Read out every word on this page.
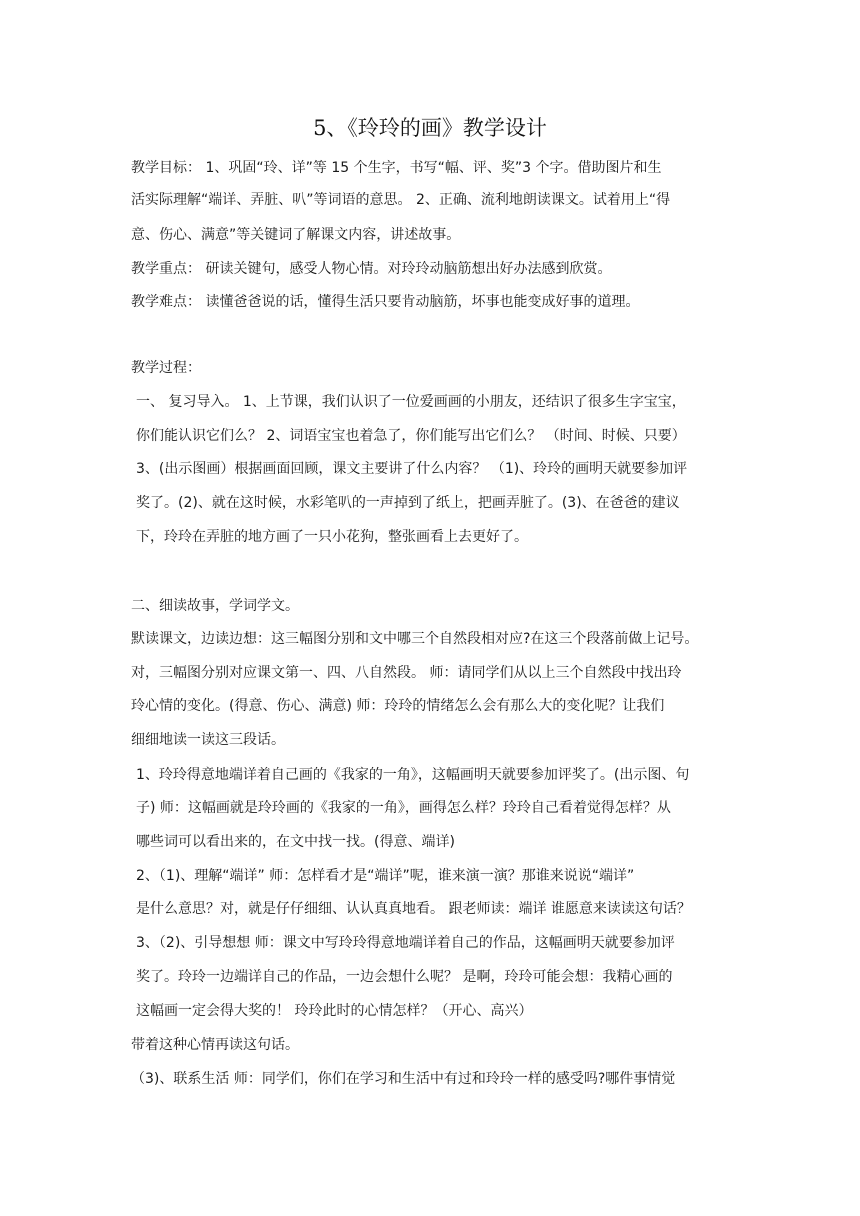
5、《玲玲的画》教学设计
教学目标： 1、巩固“玲、详”等 15 个生字，书写“幅、评、奖”3 个字。借助图片和生
活实际理解“端详、弄脏、叭”等词语的意思。 2、正确、流利地朗读课文。试着用上“得
意、伤心、满意”等关键词了解课文内容，讲述故事。
教学重点： 研读关键句，感受人物心情。对玲玲动脑筋想出好办法感到欣赏。
教学难点： 读懂爸爸说的话，懂得生活只要肯动脑筋，坏事也能变成好事的道理。
教学过程：
一、 复习导入。 1、上节课，我们认识了一位爱画画的小朋友，还结识了很多生字宝宝，
你们能认识它们么？ 2、词语宝宝也着急了，你们能写出它们么？ （时间、时候、只要）
3、(出示图画）根据画面回顾，课文主要讲了什么内容？ （1)、玲玲的画明天就要参加评
奖了。(2)、就在这时候，水彩笔叭的一声掉到了纸上，把画弄脏了。(3)、在爸爸的建议
下，玲玲在弄脏的地方画了一只小花狗，整张画看上去更好了。
二、细读故事，学词学文。
默读课文，边读边想：这三幅图分别和文中哪三个自然段相对应?在这三个段落前做上记号。
对，三幅图分别对应课文第一、四、八自然段。 师：请同学们从以上三个自然段中找出玲
玲心情的变化。(得意、伤心、满意) 师：玲玲的情绪怎么会有那么大的变化呢？让我们
细细地读一读这三段话。
1、玲玲得意地端详着自己画的《我家的一角》，这幅画明天就要参加评奖了。(出示图、句
子) 师：这幅画就是玲玲画的《我家的一角》，画得怎么样？玲玲自己看着觉得怎样？从
哪些词可以看出来的，在文中找一找。(得意、端详)
2、（1)、理解“端详” 师：怎样看才是“端详”呢，谁来演一演？那谁来说说“端详”
是什么意思？对，就是仔仔细细、认认真真地看。 跟老师读：端详 谁愿意来读读这句话？
3、（2)、引导想想 师：课文中写玲玲得意地端详着自己的作品，这幅画明天就要参加评
奖了。玲玲一边端详自己的作品，一边会想什么呢？ 是啊，玲玲可能会想：我精心画的
这幅画一定会得大奖的！ 玲玲此时的心情怎样？（开心、高兴）
带着这种心情再读这句话。
（3)、联系生活 师：同学们，你们在学习和生活中有过和玲玲一样的感受吗?哪件事情觉
